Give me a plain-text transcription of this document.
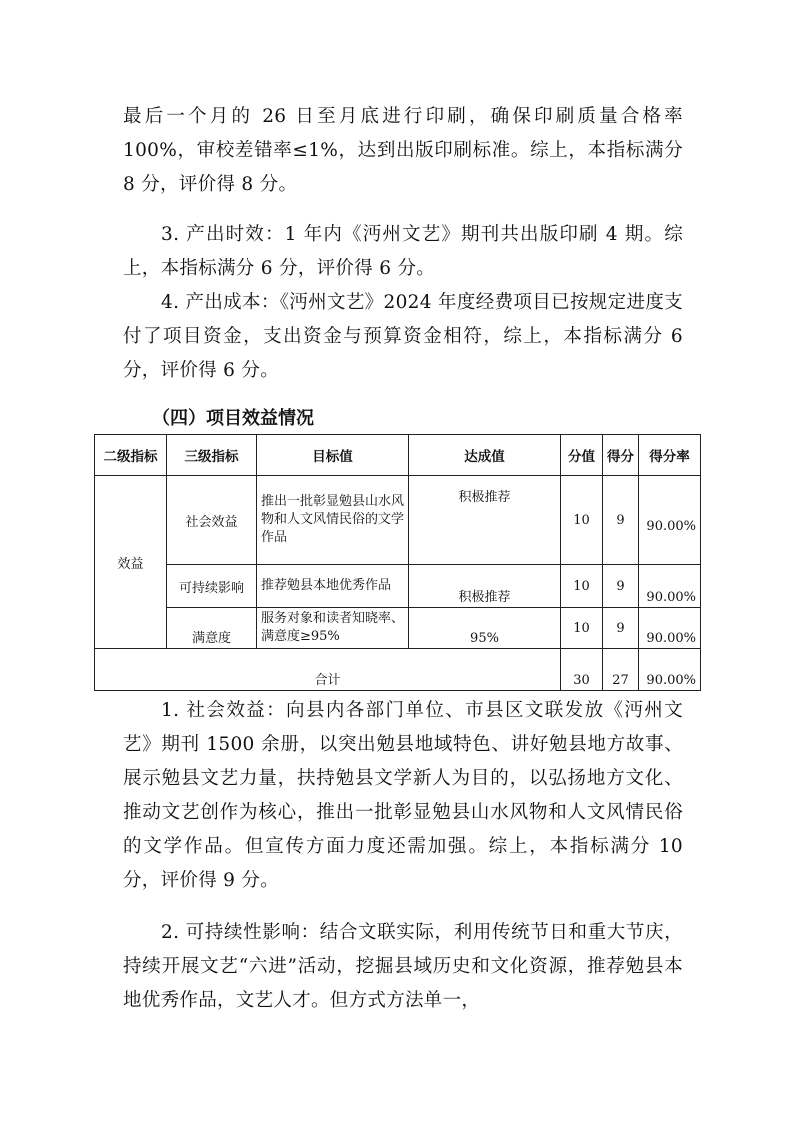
最后一个月的 26 日至月底进行印刷，确保印刷质量合格率 100%，审校差错率≤1%，达到出版印刷标准。综上，本指标满分 8 分，评价得 8 分。
3. 产出时效：1 年内《沔州文艺》期刊共出版印刷 4 期。综上，本指标满分 6 分，评价得 6 分。
4. 产出成本：《沔州文艺》2024 年度经费项目已按规定进度支付了项目资金，支出资金与预算资金相符，综上，本指标满分 6 分，评价得 6 分。
（四）项目效益情况
二级指标	三级指标	目标值	达成值	分值	得分	得分率
效益	社会效益	推出一批彰显勉县山水风物和人文风情民俗的文学作品	积极推荐	10	9	90.00%
	可持续影响	推荐勉县本地优秀作品	积极推荐	10	9	90.00%
	满意度	服务对象和读者知晓率、满意度≥95%	95%	10	9	90.00%
合计				30	27	90.00%
1. 社会效益：向县内各部门单位、市县区文联发放《沔州文艺》期刊 1500 余册，以突出勉县地域特色、讲好勉县地方故事、展示勉县文艺力量，扶持勉县文学新人为目的，以弘扬地方文化、推动文艺创作为核心，推出一批彰显勉县山水风物和人文风情民俗的文学作品。但宣传方面力度还需加强。综上，本指标满分 10 分，评价得 9 分。
2. 可持续性影响：结合文联实际，利用传统节日和重大节庆，持续开展文艺“六进”活动，挖掘县域历史和文化资源，推荐勉县本地优秀作品，文艺人才。但方式方法单一，
